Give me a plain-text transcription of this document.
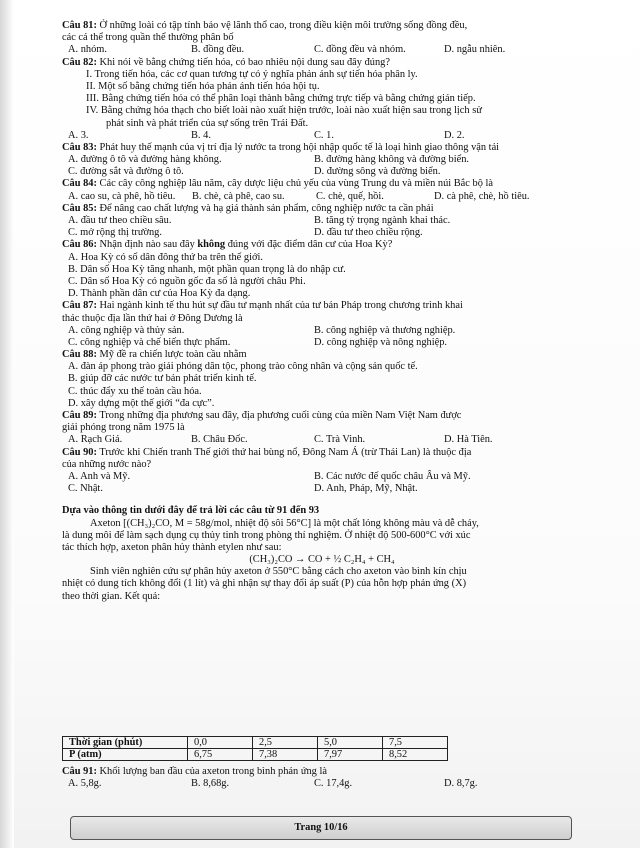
Câu 81: Ở những loài có tập tính bảo vệ lãnh thổ cao, trong điều kiện môi trường sống đồng đều,
các cá thể trong quần thể thường phân bố
A. nhóm.	B. đồng đều.	C. đồng đều và nhóm.	D. ngẫu nhiên.
Câu 82: Khi nói về bằng chứng tiến hóa, có bao nhiêu nội dung sau đây đúng?
I. Trong tiến hóa, các cơ quan tương tự có ý nghĩa phản ánh sự tiến hóa phân ly.
II. Một số bằng chứng tiến hóa phản ánh tiến hóa hội tụ.
III. Bằng chứng tiến hóa có thể phân loại thành bằng chứng trực tiếp và bằng chứng gián tiếp.
IV. Bằng chứng hóa thạch cho biết loài nào xuất hiện trước, loài nào xuất hiện sau trong lịch sử
phát sinh và phát triển của sự sống trên Trái Đất.
A. 3.	B. 4.	C. 1.	D. 2.
Câu 83: Phát huy thế mạnh của vị trí địa lý nước ta trong hội nhập quốc tế là loại hình giao thông vận tải
A. đường ô tô và đường hàng không.	B. đường hàng không và đường biển.
C. đường sắt và đường ô tô.	D. đường sông và đường biển.
Câu 84: Các cây công nghiệp lâu năm, cây dược liệu chủ yếu của vùng Trung du và miền núi Bắc bộ là
A. cao su, cà phê, hồ tiêu.	B. chè, cà phê, cao su.	C. chè, quế, hồi.	D. cà phê, chè, hồ tiêu.
Câu 85: Để nâng cao chất lượng và hạ giá thành sản phẩm, công nghiệp nước ta cần phải
A. đầu tư theo chiều sâu.	B. tăng tỷ trọng ngành khai thác.
C. mở rộng thị trường.	D. đầu tư theo chiều rộng.
Câu 86: Nhận định nào sau đây không đúng với đặc điểm dân cư của Hoa Kỳ?
A. Hoa Kỳ có số dân đông thứ ba trên thế giới.
B. Dân số Hoa Kỳ tăng nhanh, một phần quan trọng là do nhập cư.
C. Dân số Hoa Kỳ có nguồn gốc đa số là người châu Phi.
D. Thành phần dân cư của Hoa Kỳ đa dạng.
Câu 87: Hai ngành kinh tế thu hút sự đầu tư mạnh nhất của tư bản Pháp trong chương trình khai
thác thuộc địa lần thứ hai ở Đông Dương là
A. công nghiệp và thủy sản.	B. công nghiệp và thương nghiệp.
C. công nghiệp và chế biến thực phẩm.	D. công nghiệp và nông nghiệp.
Câu 88: Mỹ đề ra chiến lược toàn cầu nhằm
A. đàn áp phong trào giải phóng dân tộc, phong trào công nhân và cộng sản quốc tế.
B. giúp đỡ các nước tư bản phát triển kinh tế.
C. thúc đẩy xu thế toàn cầu hóa.
D. xây dựng một thế giới “đa cực”.
Câu 89: Trong những địa phương sau đây, địa phương cuối cùng của miền Nam Việt Nam được
giải phóng trong năm 1975 là
A. Rạch Giá.	B. Châu Đốc.	C. Trà Vinh.	D. Hà Tiên.
Câu 90: Trước khi Chiến tranh Thế giới thứ hai bùng nổ, Đông Nam Á (trừ Thái Lan) là thuộc địa
của những nước nào?
A. Anh và Mỹ.	B. Các nước đế quốc châu Âu và Mỹ.
C. Nhật.	D. Anh, Pháp, Mỹ, Nhật.
Dựa vào thông tin dưới đây để trả lời các câu từ 91 đến 93
Axeton [(CH₃)₂CO, M = 58g/mol, nhiệt độ sôi 56°C] là một chất lỏng không màu và dễ cháy,
là dung môi để làm sạch dụng cụ thủy tinh trong phòng thí nghiệm. Ở nhiệt độ 500-600°C với xúc
tác thích hợp, axeton phân hủy thành etylen như sau:
(CH₃)₂CO → CO + ½ C₂H₄ + CH₄
Sinh viên nghiên cứu sự phân hủy axeton ở 550°C bằng cách cho axeton vào bình kín chịu
nhiệt có dung tích không đổi (1 lít) và ghi nhận sự thay đổi áp suất (P) của hỗn hợp phản ứng (X)
theo thời gian. Kết quả:
Thời gian (phút)	0,0	2,5	5,0	7,5
P (atm)	6,75	7,38	7,97	8,52
Câu 91: Khối lượng ban đầu của axeton trong bình phản ứng là
A. 5,8g.	B. 8,68g.	C. 17,4g.	D. 8,7g.
Trang 10/16
